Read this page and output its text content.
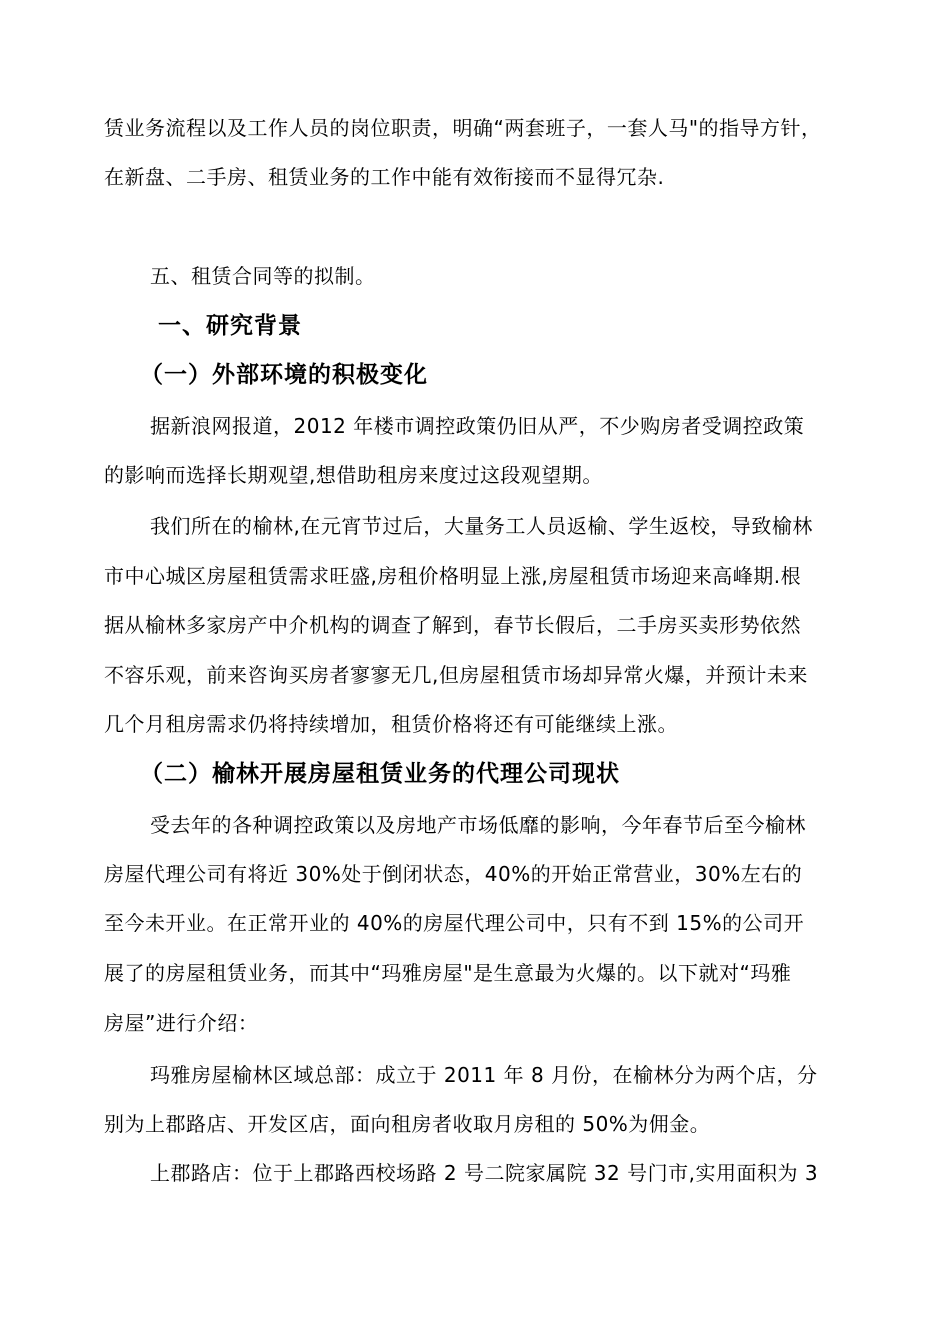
赁业务流程以及工作人员的岗位职责，明确“两套班子，一套人马"的指导方针，
在新盘、二手房、租赁业务的工作中能有效衔接而不显得冗杂.
五、租赁合同等的拟制。
一、研究背景
（一）外部环境的积极变化
据新浪网报道，2012 年楼市调控政策仍旧从严，不少购房者受调控政策
的影响而选择长期观望,想借助租房来度过这段观望期。
我们所在的榆林,在元宵节过后，大量务工人员返榆、学生返校，导致榆林
市中心城区房屋租赁需求旺盛,房租价格明显上涨,房屋租赁市场迎来高峰期.根
据从榆林多家房产中介机构的调查了解到，春节长假后，二手房买卖形势依然
不容乐观，前来咨询买房者寥寥无几,但房屋租赁市场却异常火爆，并预计未来
几个月租房需求仍将持续增加，租赁价格将还有可能继续上涨。
（二）榆林开展房屋租赁业务的代理公司现状
受去年的各种调控政策以及房地产市场低靡的影响，今年春节后至今榆林
房屋代理公司有将近 30%处于倒闭状态，40%的开始正常营业，30%左右的
至今未开业。在正常开业的 40%的房屋代理公司中，只有不到 15%的公司开
展了的房屋租赁业务，而其中“玛雅房屋"是生意最为火爆的。以下就对“玛雅
房屋”进行介绍：
玛雅房屋榆林区域总部：成立于 2011 年 8 月份，在榆林分为两个店，分
别为上郡路店、开发区店，面向租房者收取月房租的 50%为佣金。
上郡路店：位于上郡路西校场路 2 号二院家属院 32 号门市,实用面积为 3
